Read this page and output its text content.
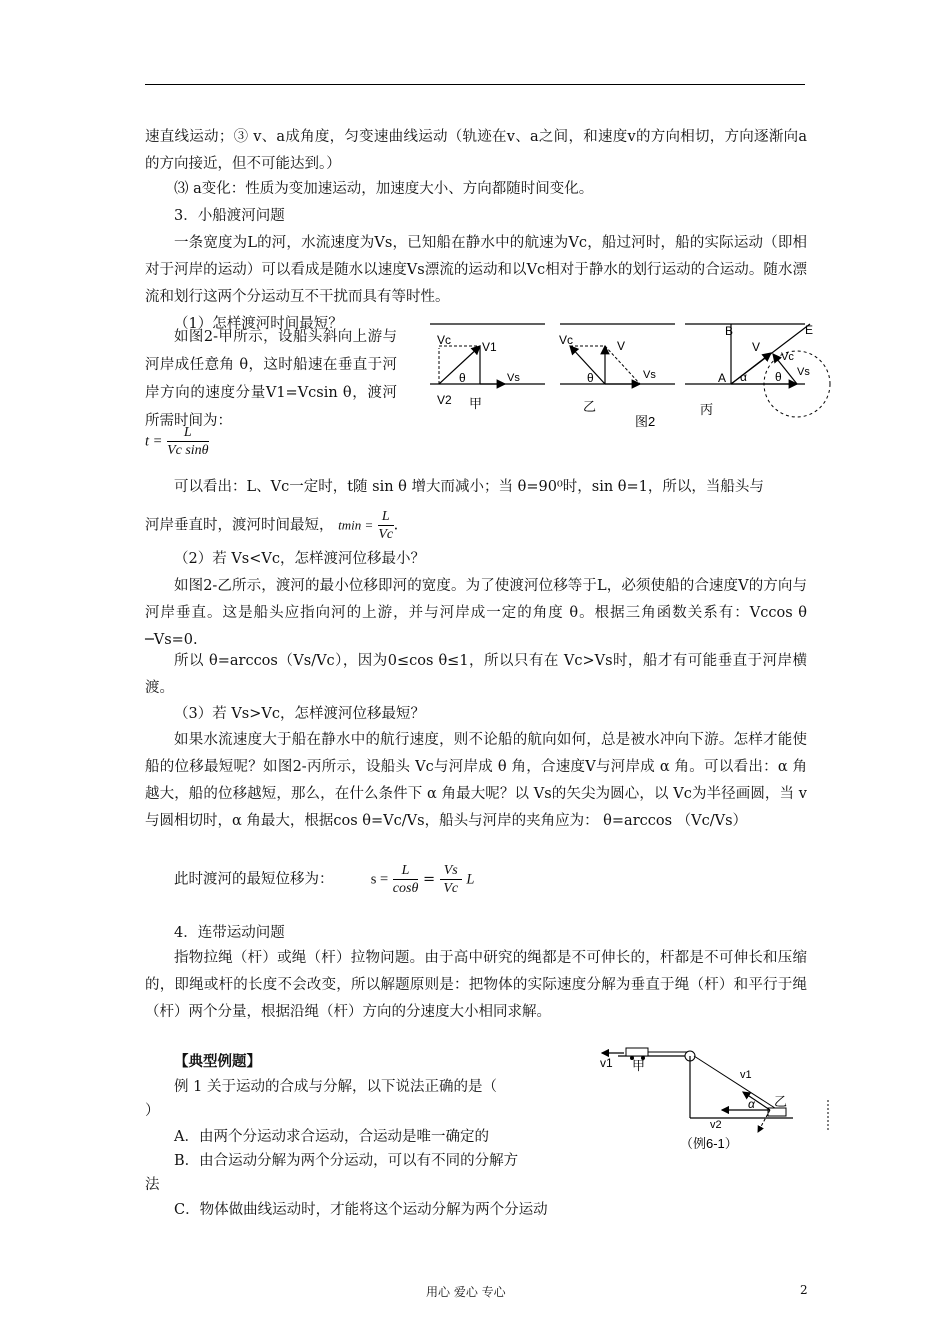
速直线运动；③ v、a成角度，匀变速曲线运动（轨迹在v、a之间，和速度v的方向相切，方向逐渐向a的方向接近，但不可能达到。）
⑶ a变化：性质为变加速运动，加速度大小、方向都随时间变化。
3．小船渡河问题
一条宽度为L的河，水流速度为Vs，已知船在静水中的航速为Vc，船过河时，船的实际运动（即相对于河岸的运动）可以看成是随水以速度Vs漂流的运动和以Vc相对于静水的划行运动的合运动。随水漂流和划行这两个分运动互不干扰而具有等时性。
（1）怎样渡河时间最短？
如图2-甲所示，设船头斜向上游与河岸成任意角 θ，这时船速在垂直于河岸方向的速度分量V1=Vcsin θ，渡河所需时间为：
$t = \frac{L}{\text{Vc sinθ}}$
Vc	V1
Vs
θ
V2 甲
Vc	V
Vs
θ
乙
B	E
V
Vc
A α θ Vs
丙
图2
可以看出：L、Vc一定时，t随 sin θ 增大而减小；当 θ=90⁰时，sin θ=1，所以，当船头与
河岸垂直时，渡河时间最短， $tmin = \frac{L}{Vc}$ .
（2）若 Vs<Vc，怎样渡河位移最小？
如图2-乙所示，渡河的最小位移即河的宽度。为了使渡河位移等于L，必须使船的合速度V的方向与河岸垂直。这是船头应指向河的上游，并与河岸成一定的角度 θ。根据三角函数关系有：Vccos θ ─Vs=0.
所以 θ=arccos（Vs/Vc），因为0≤cos θ≤1，所以只有在 Vc>Vs时，船才有可能垂直于河岸横渡。
（3）若 Vs>Vc，怎样渡河位移最短？
如果水流速度大于船在静水中的航行速度，则不论船的航向如何，总是被水冲向下游。怎样才能使船的位移最短呢？如图2-丙所示，设船头 Vc与河岸成 θ 角，合速度V与河岸成 α 角。可以看出：α 角越大，船的位移越短，那么，在什么条件下 α 角最大呢？以 Vs的矢尖为圆心，以 Vc为半径画圆，当 v与圆相切时，α 角最大，根据cos θ=Vc/Vs，船头与河岸的夹角应为： θ=arccos （Vc/Vs）
此时渡河的最短位移为：	$s = \frac{L}{\cos\theta} = \frac{Vs}{Vc}$ L
4．连带运动问题
指物拉绳（杆）或绳（杆）拉物问题。由于高中研究的绳都是不可伸长的，杆都是不可伸长和压缩的，即绳或杆的长度不会改变，所以解题原则是：把物体的实际速度分解为垂直于绳（杆）和平行于绳（杆）两个分量，根据沿绳（杆）方向的分速度大小相同求解。
【典型例题】
例 1 关于运动的合成与分解，以下说法正确的是（
）
A．由两个分运动求合运动，合运动是唯一确定的
B．由合运动分解为两个分运动，可以有不同的分解方
法
C．物体做曲线运动时，才能将这个运动分解为两个分运动
v1 甲
v1
α
v2
乙
（例6-1）
用心 爱心 专心	2
